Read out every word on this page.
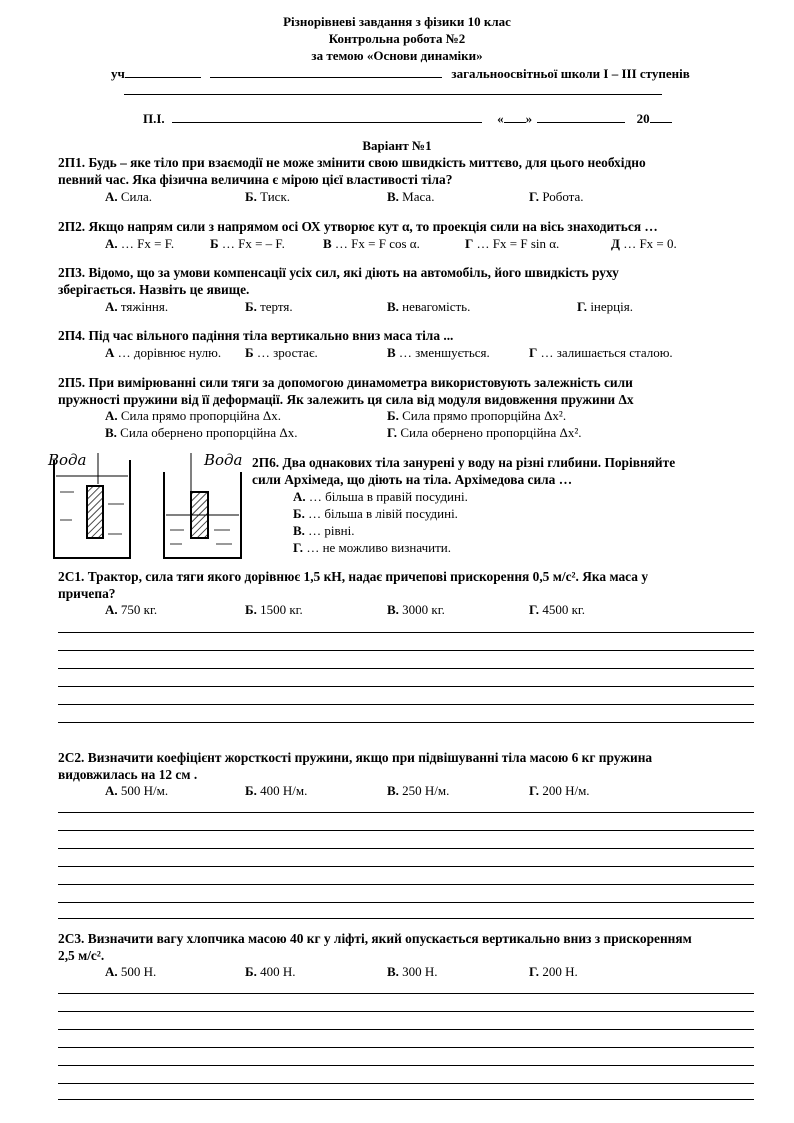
Різнорівневі завдання з фізики 10 клас
Контрольна робота №2
за темою «Основи динаміки»
уч	загальноосвітньої школи І – ІІІ ступенів
П.І.	« »	20
Варіант №1
2П1. Будь – яке тіло при взаємодії не може змінити свою швидкість миттєво, для цього необхідно
певний час. Яка фізична величина є мірою цієї властивості тіла?
А. Сила.	Б. Тиск.	В. Маса.	Г. Робота.
2П2. Якщо напрям сили з напрямом осі ОХ утворює кут α, то проекція сили на вісь знаходиться …
А. … Fx = F.	Б … Fx = – F.	В … Fx = F cos α.	Г … Fx = F sin α.	Д … Fx = 0.
2П3. Відомо, що за умови компенсації усіх сил, які діють на автомобіль, його швидкість руху
зберігається. Назвіть це явище.
А. тяжіння.	Б. тертя.	В. невагомість.	Г. інерція.
2П4. Під час вільного падіння тіла вертикально вниз маса тіла ...
А … дорівнює нулю. Б … зростає.	В … зменшується.	Г … залишається сталою.
2П5. При вимірюванні сили тяги за допомогою динамометра використовують залежність сили
пружності пружини від її деформації. Як залежить ця сила від модуля видовження пружини Δx
А. Сила прямо пропорційна Δx.	Б. Сила прямо пропорційна Δx².
В. Сила обернено пропорційна Δx.	Г. Сила обернено пропорційна Δx².
Вода	Вода 2П6. Два однакових тіла занурені у воду на різні глибини. Порівняйте
сили Архімеда, що діють на тіла. Архімедова сила …
А. … більша в правій посудині.
Б. … більша в лівій посудині.
В. … рівні.
Г. … не можливо визначити.
2С1. Трактор, сила тяги якого дорівнює 1,5 кН, надає причепові прискорення 0,5 м/с². Яка маса у
причепа?
А. 750 кг.	Б. 1500 кг.	В. 3000 кг.	Г. 4500 кг.
2С2. Визначити коефіцієнт жорсткості пружини, якщо при підвішуванні тіла масою 6 кг пружина
видовжилась на 12 см .
А. 500 Н/м.	Б. 400 Н/м.	В. 250 Н/м.	Г. 200 Н/м.
2С3. Визначити вагу хлопчика масою 40 кг у ліфті, який опускається вертикально вниз з прискоренням
2,5 м/с².
А. 500 Н.	Б. 400 Н.	В. 300 Н.	Г. 200 Н.
